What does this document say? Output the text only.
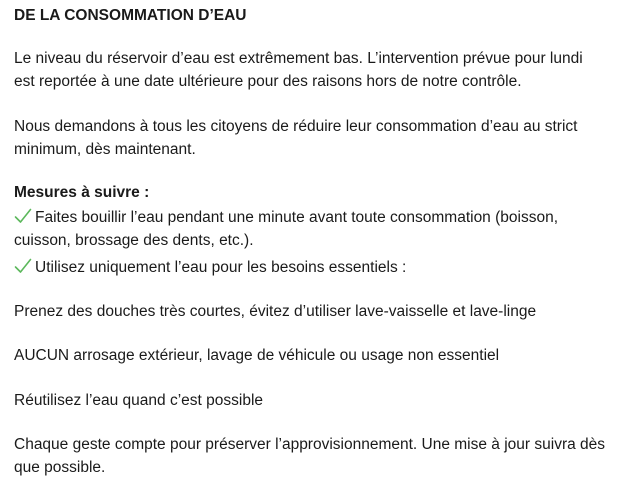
DE LA CONSOMMATION D’EAU
Le niveau du réservoir d’eau est extrêmement bas. L’intervention prévue pour lundi
est reportée à une date ultérieure pour des raisons hors de notre contrôle.
Nous demandons à tous les citoyens de réduire leur consommation d’eau au strict
minimum, dès maintenant.
Mesures à suivre :
Faites bouillir l’eau pendant une minute avant toute consommation (boisson,
cuisson, brossage des dents, etc.).
Utilisez uniquement l’eau pour les besoins essentiels :
Prenez des douches très courtes, évitez d’utiliser lave-vaisselle et lave-linge
AUCUN arrosage extérieur, lavage de véhicule ou usage non essentiel
Réutilisez l’eau quand c’est possible
Chaque geste compte pour préserver l’approvisionnement. Une mise à jour suivra dès
que possible.
